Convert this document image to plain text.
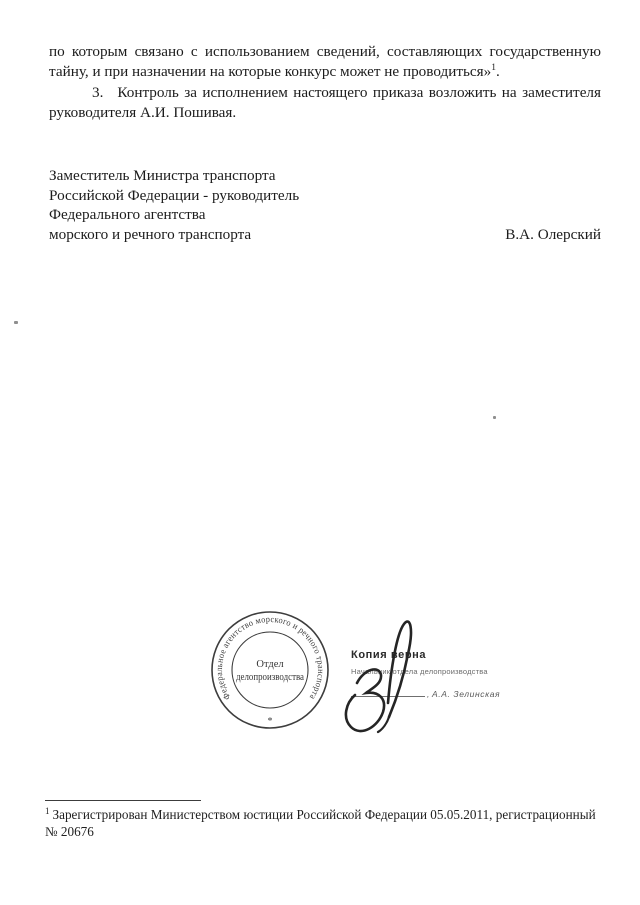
по которым связано с использованием сведений, составляющих государственную
тайну, и при назначении на которые конкурс может не проводиться»$^1$.
3. Контроль за исполнением настоящего приказа возложить на заместителя
руководителя А.И. Пошивая.
Заместитель Министра транспорта
Российской Федерации - руководитель
Федерального агентства
морского и речного транспорта	В.А. Олерский
Федеральное агентство морского и речного транспорта
*
Отдел
делопроизводства
Копия верна
Начальник отдела делопроизводства
, А.А. Зелинская
$^1$ Зарегистрирован Министерством юстиции Российской Федерации 05.05.2011, регистрационный № 20676
